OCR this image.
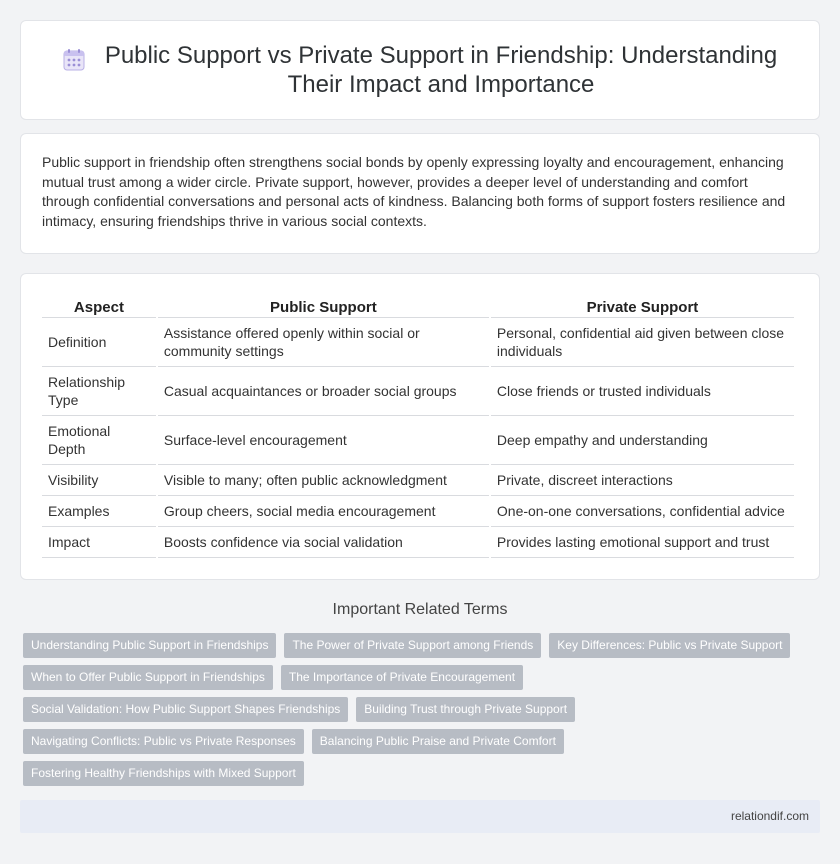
Public Support vs Private Support in Friendship: Understanding Their Impact and Importance

Public support in friendship often strengthens social bonds by openly expressing loyalty and encouragement, enhancing mutual trust among a wider circle. Private support, however, provides a deeper level of understanding and comfort through confidential conversations and personal acts of kindness. Balancing both forms of support fosters resilience and intimacy, ensuring friendships thrive in various social contexts.

Aspect	Public Support	Private Support
Definition	Assistance offered openly within social or community settings	Personal, confidential aid given between close individuals
Relationship Type	Casual acquaintances or broader social groups	Close friends or trusted individuals
Emotional Depth	Surface-level encouragement	Deep empathy and understanding
Visibility	Visible to many; often public acknowledgment	Private, discreet interactions
Examples	Group cheers, social media encouragement	One-on-one conversations, confidential advice
Impact	Boosts confidence via social validation	Provides lasting emotional support and trust
Important Related Terms
Understanding Public Support in Friendships	The Power of Private Support among Friends	Key Differences: Public vs Private Support
When to Offer Public Support in Friendships	The Importance of Private Encouragement
Social Validation: How Public Support Shapes Friendships	Building Trust through Private Support
Navigating Conflicts: Public vs Private Responses	Balancing Public Praise and Private Comfort
Fostering Healthy Friendships with Mixed Support
relationdif.com
